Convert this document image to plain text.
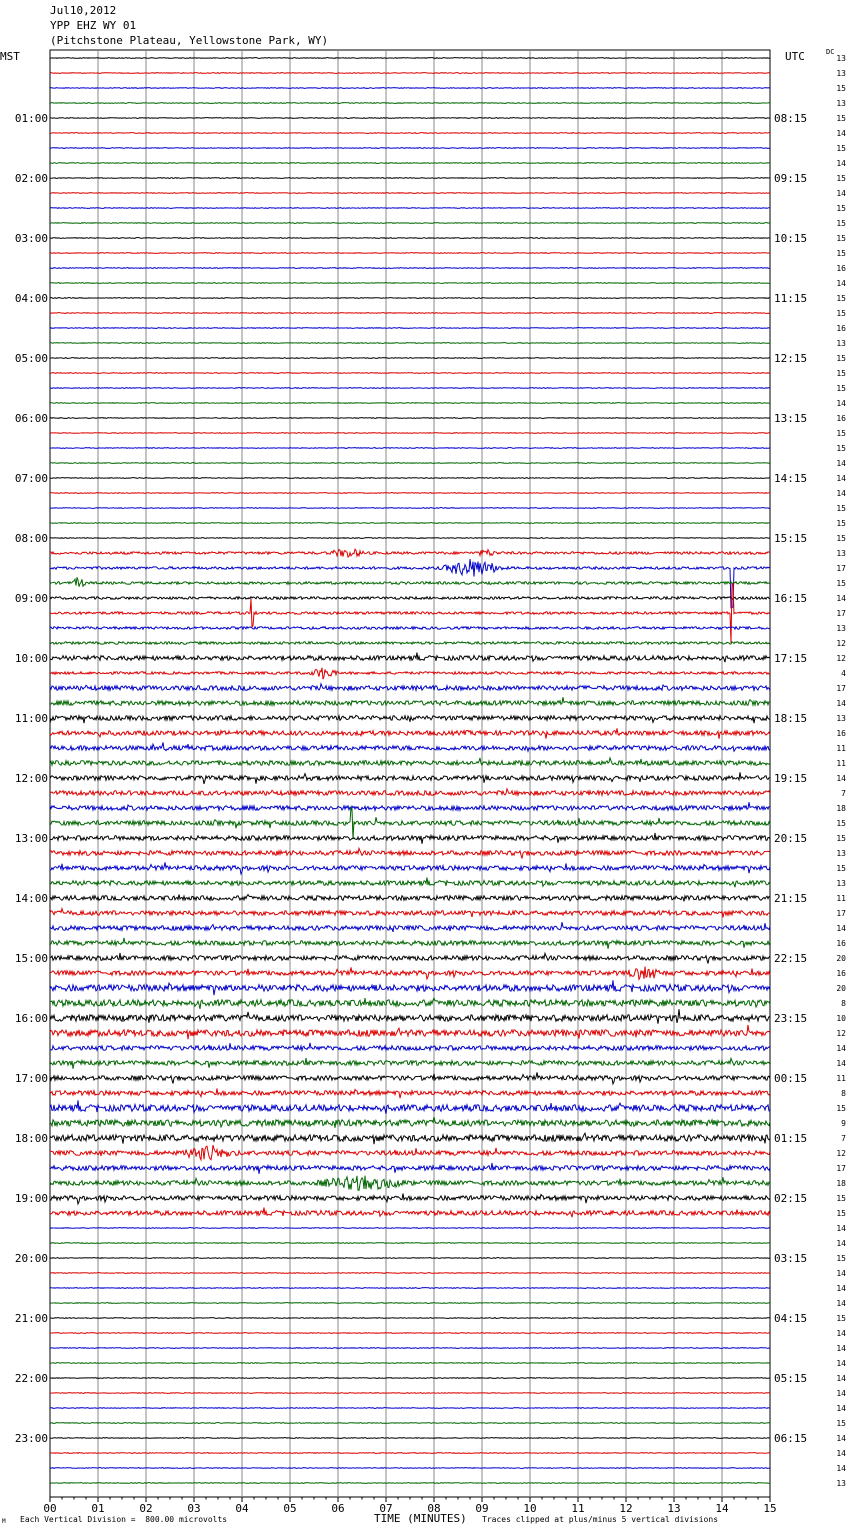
Jul10,2012
YPP EHZ WY 01
(Pitchstone Plateau, Yellowstone Park, WY)
MST	UTC	DC
00	01	02	03	04	05	06	07	08	09	10	11	12	13	14	15
13
13
15
13
15
14
15
14
15
14
15
15
15
15
16
14
15
15
16
13
15
15
15
14
16
15
15
14
14
14
15
15
15
13
17
15
14
17
13
12
12
4
17
14
13
16
11
11
14
7
18
15
15
13
15
13
11
17
14
16
20
16
20
8
10
12
14
14
11
8
15
9
7
12
17
18
15
15
14
14
15
14
14
14
15
14
14
14
14
14
14
15
14
14
14
13
01:00
02:00
03:00
04:00
05:00
06:00
07:00
08:00
09:00
10:00
11:00
12:00
13:00
14:00
15:00
16:00
17:00
18:00
19:00
20:00
21:00
22:00
23:00
08:15
09:15
10:15
11:15
12:15
13:15
14:15
15:15
16:15
17:15
18:15
19:15
20:15
21:15
22:15
23:15
00:15
01:15
02:15
03:15
04:15
05:15
06:15
M Each Vertical Division =  800.00 microvolts	TIME (MINUTES) Traces clipped at plus/minus 5 vertical divisions
